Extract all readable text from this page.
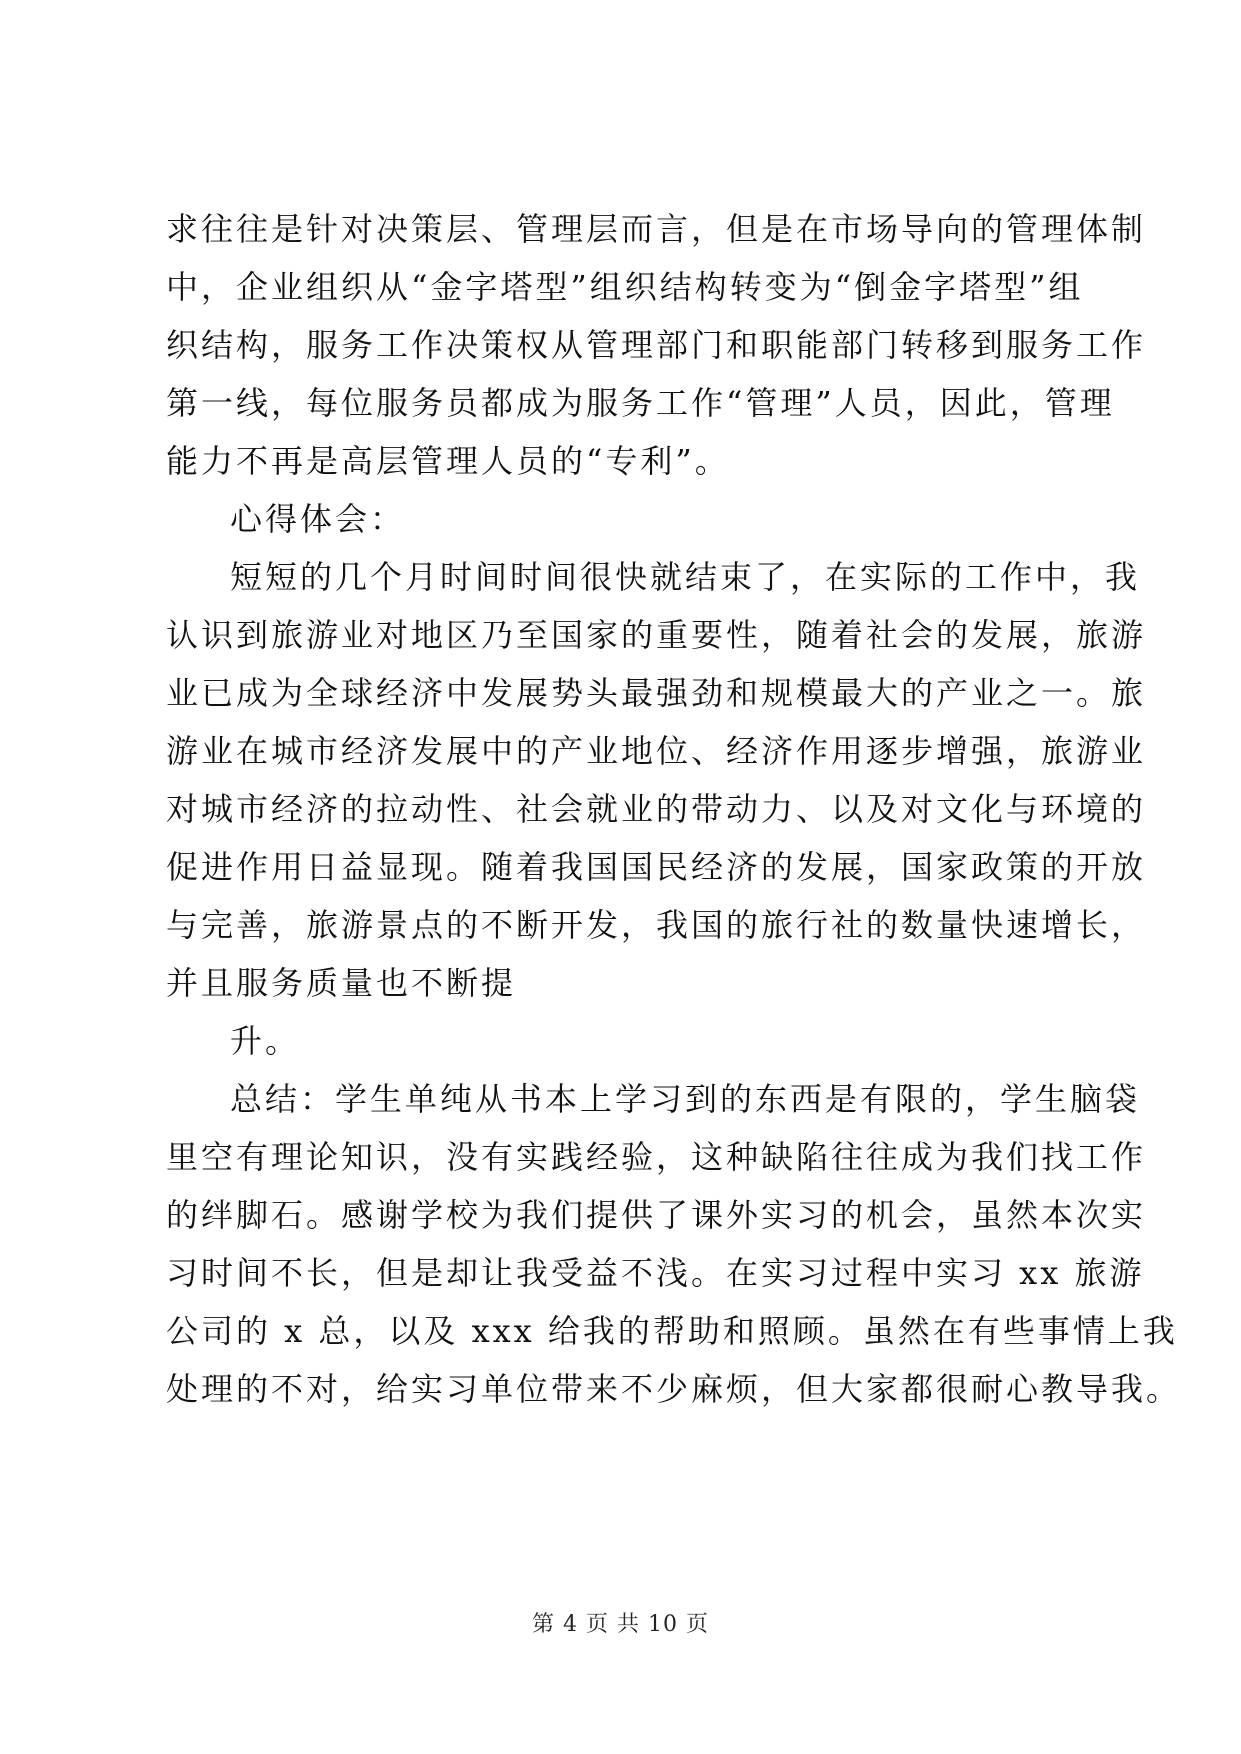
求往往是针对决策层、管理层而言，但是在市场导向的管理体制
中，企业组织从“金字塔型”组织结构转变为“倒金字塔型”组
织结构，服务工作决策权从管理部门和职能部门转移到服务工作
第一线，每位服务员都成为服务工作“管理”人员，因此，管理
能力不再是高层管理人员的“专利”。
心得体会：
短短的几个月时间时间很快就结束了，在实际的工作中，我
认识到旅游业对地区乃至国家的重要性，随着社会的发展，旅游
业已成为全球经济中发展势头最强劲和规模最大的产业之一。旅
游业在城市经济发展中的产业地位、经济作用逐步增强，旅游业
对城市经济的拉动性、社会就业的带动力、以及对文化与环境的
促进作用日益显现。随着我国国民经济的发展，国家政策的开放
与完善，旅游景点的不断开发，我国的旅行社的数量快速增长，
并且服务质量也不断提
升。
总结：学生单纯从书本上学习到的东西是有限的，学生脑袋
里空有理论知识，没有实践经验，这种缺陷往往成为我们找工作
的绊脚石。感谢学校为我们提供了课外实习的机会，虽然本次实
习时间不长，但是却让我受益不浅。在实习过程中实习 xx 旅游
公司的 x 总，以及 xxx 给我的帮助和照顾。虽然在有些事情上我
处理的不对，给实习单位带来不少麻烦，但大家都很耐心教导我。
第 4 页 共 10 页
